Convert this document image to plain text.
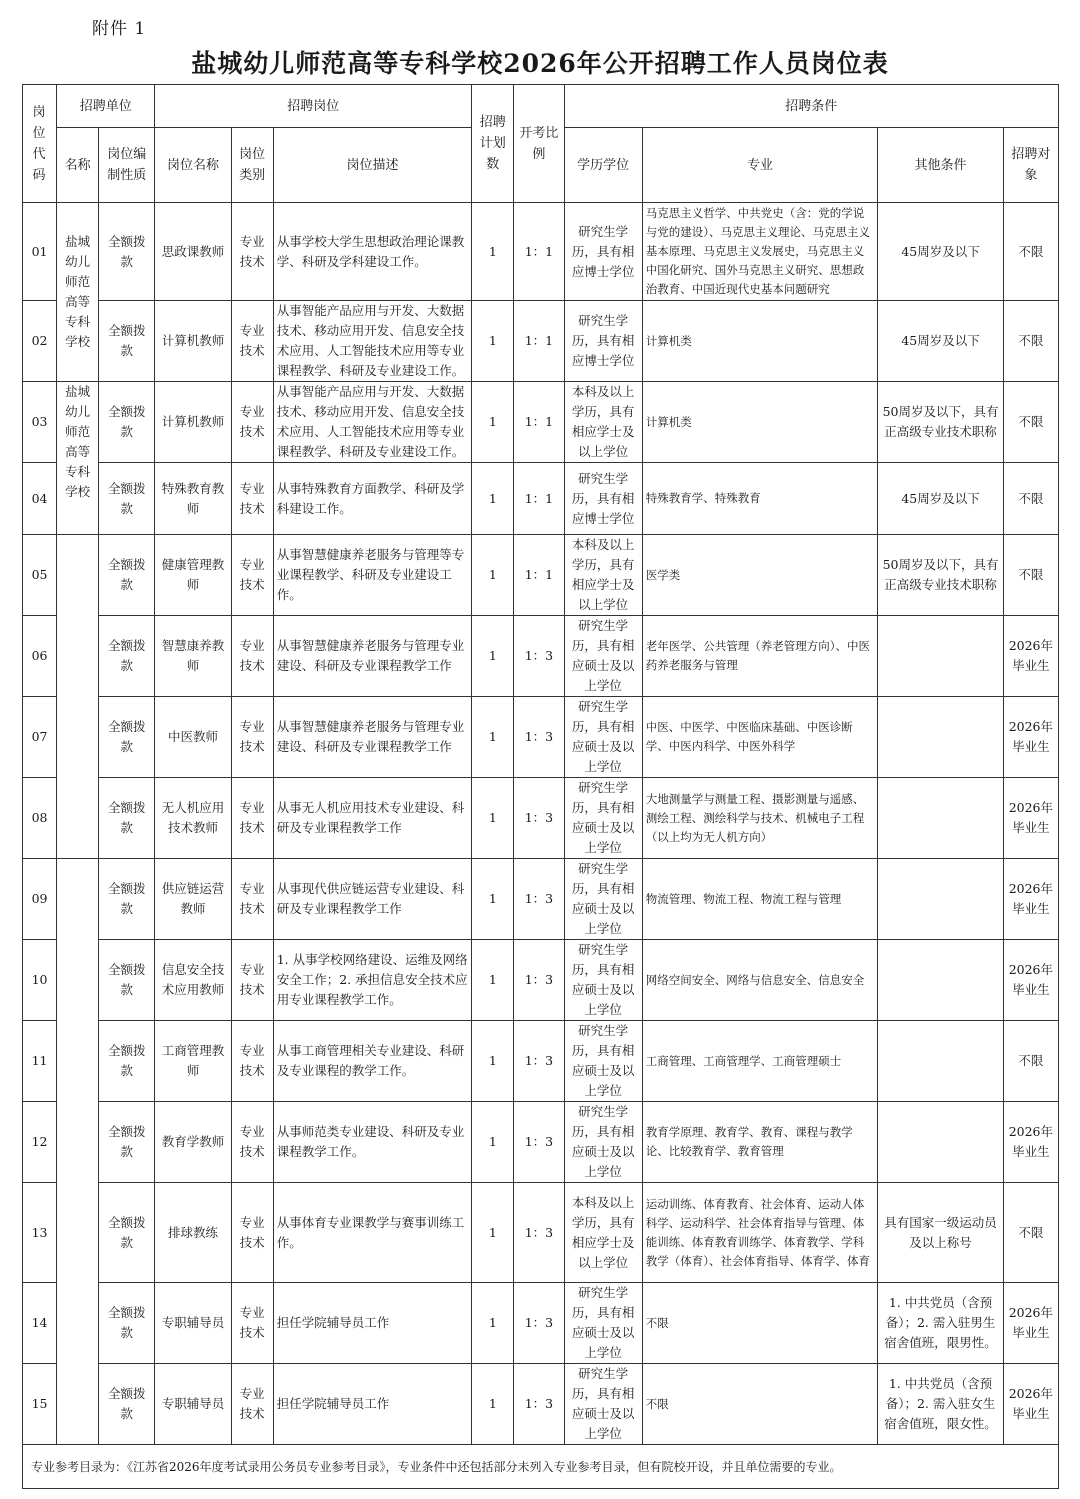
附件 1
盐城幼儿师范高等专科学校2026年公开招聘工作人员岗位表
岗位代码	招聘单位		招聘岗位			招聘计划数	开考比例	招聘条件			
	名称	岗位编制性质	岗位名称	岗位类别	岗位描述			学历学位	专业	其他条件	招聘对象
01	盐城幼儿师范高等专科学校	全额拨款	思政课教师	专业技术	从事学校大学生思想政治理论课教学、科研及学科建设工作。	1	1：1	研究生学历，具有相应博士学位	马克思主义哲学、中共党史（含：党的学说与党的建设）、马克思主义理论、马克思主义基本原理、马克思主义发展史，马克思主义中国化研究、国外马克思主义研究、思想政治教育、中国近现代史基本问题研究	45周岁及以下	不限
02		全额拨款	计算机教师	专业技术	从事智能产品应用与开发、大数据技术、移动应用开发、信息安全技术应用、人工智能技术应用等专业课程教学、科研及专业建设工作。	1	1：1	研究生学历，具有相应博士学位	计算机类	45周岁及以下	不限
03	盐城幼儿师范高等专科学校	全额拨款	计算机教师	专业技术	从事智能产品应用与开发、大数据技术、移动应用开发、信息安全技术应用、人工智能技术应用等专业课程教学、科研及专业建设工作。	1	1：1	本科及以上学历，具有相应学士及以上学位	计算机类	50周岁及以下，具有正高级专业技术职称	不限
04		全额拨款	特殊教育教师	专业技术	从事特殊教育方面教学、科研及学科建设工作。	1	1：1	研究生学历，具有相应博士学位	特殊教育学、特殊教育	45周岁及以下	不限
05		全额拨款	健康管理教师	专业技术	从事智慧健康养老服务与管理等专业课程教学、科研及专业建设工作。	1	1：1	本科及以上学历，具有相应学士及以上学位	医学类	50周岁及以下，具有正高级专业技术职称	不限
06		全额拨款	智慧康养教师	专业技术	从事智慧健康养老服务与管理专业建设、科研及专业课程教学工作	1	1：3	研究生学历，具有相应硕士及以上学位	老年医学、公共管理（养老管理方向）、中医药养老服务与管理		2026年毕业生
07		全额拨款	中医教师	专业技术	从事智慧健康养老服务与管理专业建设、科研及专业课程教学工作	1	1：3	研究生学历，具有相应硕士及以上学位	中医、中医学、中医临床基础、中医诊断学、中医内科学、中医外科学		2026年毕业生
08		全额拨款	无人机应用技术教师	专业技术	从事无人机应用技术专业建设、科研及专业课程教学工作	1	1：3	研究生学历，具有相应硕士及以上学位	大地测量学与测量工程、摄影测量与遥感、测绘工程、测绘科学与技术、机械电子工程（以上均为无人机方向）		2026年毕业生
09		全额拨款	供应链运营教师	专业技术	从事现代供应链运营专业建设、科研及专业课程教学工作	1	1：3	研究生学历，具有相应硕士及以上学位	物流管理、物流工程、物流工程与管理		2026年毕业生
10		全额拨款	信息安全技术应用教师	专业技术	1. 从事学校网络建设、运维及网络安全工作；2. 承担信息安全技术应用专业课程教学工作。	1	1：3	研究生学历，具有相应硕士及以上学位	网络空间安全、网络与信息安全、信息安全		2026年毕业生
11		全额拨款	工商管理教师	专业技术	从事工商管理相关专业建设、科研及专业课程的教学工作。	1	1：3	研究生学历，具有相应硕士及以上学位	工商管理、工商管理学、工商管理硕士		不限
12		全额拨款	教育学教师	专业技术	从事师范类专业建设、科研及专业课程教学工作。	1	1：3	研究生学历，具有相应硕士及以上学位	教育学原理、教育学、教育、课程与教学论、比较教育学、教育管理		2026年毕业生
13		全额拨款	排球教练	专业技术	从事体育专业课教学与赛事训练工作。	1	1：3	本科及以上学历，具有相应学士及以上学位	运动训练、体育教育、社会体育、运动人体科学、运动科学、社会体育指导与管理、体能训练、体育教育训练学、体育教学、学科教学（体育）、社会体育指导、体育学、体育	具有国家一级运动员及以上称号	不限
14		全额拨款	专职辅导员	专业技术	担任学院辅导员工作	1	1：3	研究生学历，具有相应硕士及以上学位	不限	1. 中共党员（含预备）；2. 需入驻男生宿舍值班，限男性。	2026年毕业生
15		全额拨款	专职辅导员	专业技术	担任学院辅导员工作	1	1：3	研究生学历，具有相应硕士及以上学位	不限	1. 中共党员（含预备）；2. 需入驻女生宿舍值班，限女性。	2026年毕业生
专业参考目录为：《江苏省2026年度考试录用公务员专业参考目录》，专业条件中还包括部分未列入专业参考目录，但有院校开设，并且单位需要的专业。											
